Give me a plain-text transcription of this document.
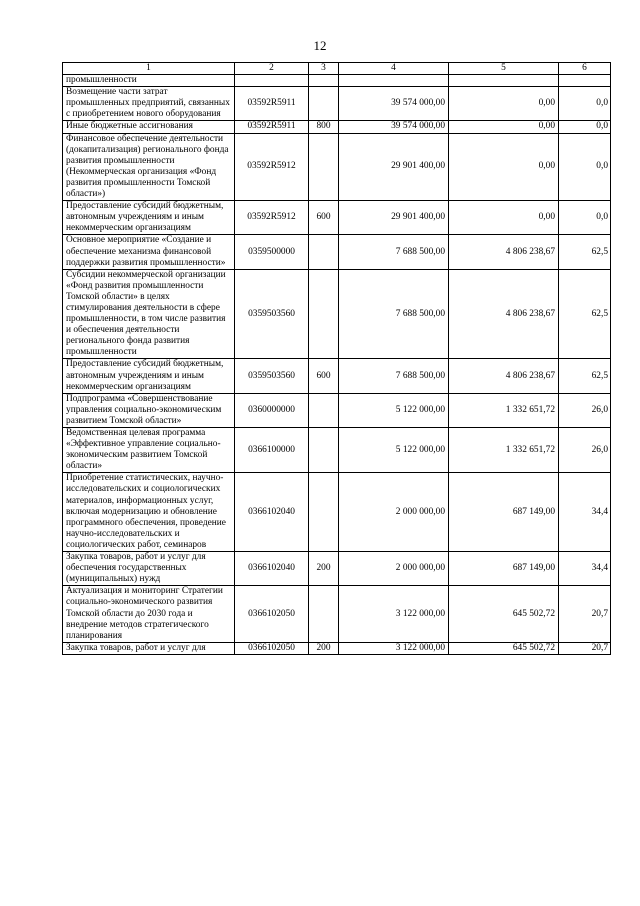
12
1	2	3	4	5	6
промышленности					
Возмещение части затрат промышленных предприятий, связанных с приобретением нового оборудования	03592R5911		39 574 000,00	0,00	0,0
Иные бюджетные ассигнования	03592R5911	800	39 574 000,00	0,00	0,0
Финансовое обеспечение деятельности (докапитализация) регионального фонда развития промышленности (Некоммерческая организация «Фонд развития промышленности Томской области»)	03592R5912		29 901 400,00	0,00	0,0
Предоставление субсидий бюджетным, автономным учреждениям и иным некоммерческим организациям	03592R5912	600	29 901 400,00	0,00	0,0
Основное мероприятие «Создание и обеспечение механизма финансовой поддержки развития промышленности»	0359500000		7 688 500,00	4 806 238,67	62,5
Субсидии некоммерческой организации «Фонд развития промышленности Томской области» в целях стимулирования деятельности в сфере промышленности, в том числе развития и обеспечения деятельности регионального фонда развития промышленности	0359503560		7 688 500,00	4 806 238,67	62,5
Предоставление субсидий бюджетным, автономным учреждениям и иным некоммерческим организациям	0359503560	600	7 688 500,00	4 806 238,67	62,5
Подпрограмма «Совершенствование управления социально-экономическим развитием Томской области»	0360000000		5 122 000,00	1 332 651,72	26,0
Ведомственная целевая программа «Эффективное управление социально-экономическим развитием Томской области»	0366100000		5 122 000,00	1 332 651,72	26,0
Приобретение статистических, научно-исследовательских и социологических материалов, информационных услуг, включая модернизацию и обновление программного обеспечения, проведение научно-исследовательских и социологических работ, семинаров	0366102040		2 000 000,00	687 149,00	34,4
Закупка товаров, работ и услуг для обеспечения государственных (муниципальных) нужд	0366102040	200	2 000 000,00	687 149,00	34,4
Актуализация и мониторинг Стратегии социально-экономического развития Томской области до 2030 года и внедрение методов стратегического планирования	0366102050		3 122 000,00	645 502,72	20,7
Закупка товаров, работ и услуг для	0366102050	200	3 122 000,00	645 502,72	20,7
